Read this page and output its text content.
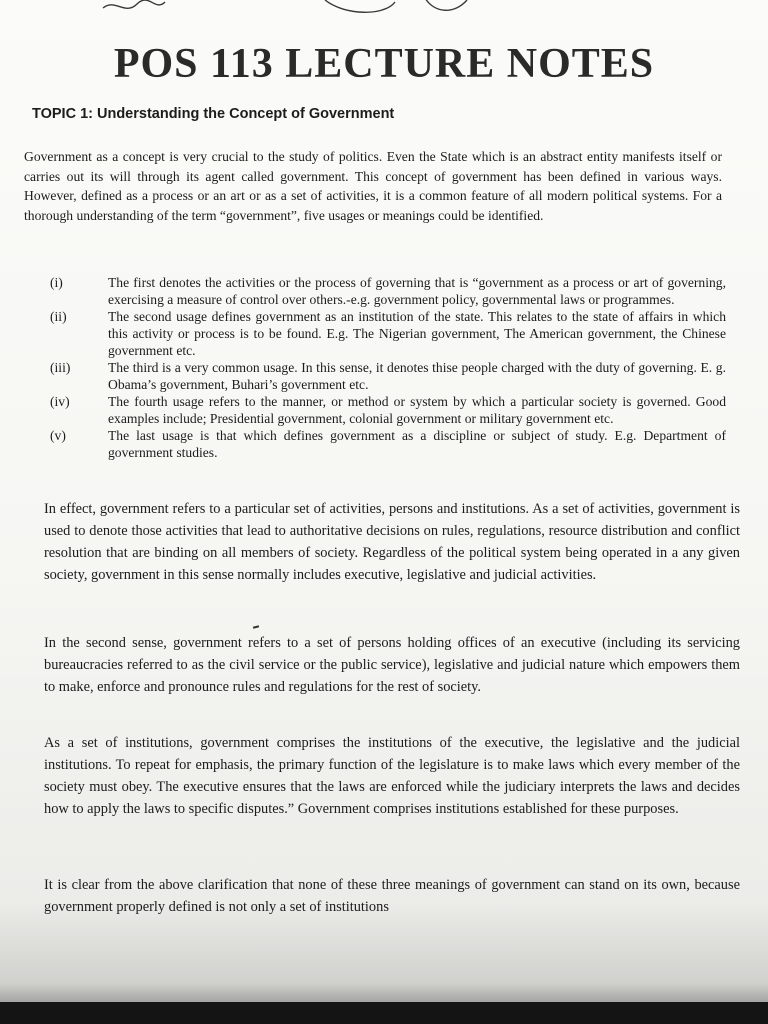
POS 113 LECTURE NOTES
TOPIC 1: Understanding the Concept of Government

Government as a concept is very crucial to the study of politics. Even the State which is an abstract entity manifests itself or carries out its will through its agent called government. This concept of government has been defined in various ways. However, defined as a process or an art or as a set of activities, it is a common feature of all modern political systems. For a thorough understanding of the term “government”, five usages or meanings could be identified.

(i)	The first denotes the activities or the process of governing that is “government as a process or art of governing, exercising a measure of control over others.-e.g. government policy, governmental laws or programmes.
(ii)	The second usage defines government as an institution of the state. This relates to the state of affairs in which this activity or process is to be found. E.g. The Nigerian government, The American government, the Chinese government etc.
(iii)	The third is a very common usage. In this sense, it denotes thise people charged with the duty of governing. E. g. Obama’s government, Buhari’s government etc.
(iv)	The fourth usage refers to the manner, or method or system by which a particular society is governed. Good examples include; Presidential government, colonial government or military government etc.
(v)	The last usage is that which defines government as a discipline or subject of study. E.g. Department of government studies.

In effect, government refers to a particular set of activities, persons and institutions. As a set of activities, government is used to denote those activities that lead to authoritative decisions on rules, regulations, resource distribution and conflict resolution that are binding on all members of society. Regardless of the political system being operated in a any given society, government in this sense normally includes executive, legislative and judicial activities.

In the second sense, government refers to a set of persons holding offices of an executive (including its servicing bureaucracies referred to as the civil service or the public service), legislative and judicial nature which empowers them to make, enforce and pronounce rules and regulations for the rest of society.

As a set of institutions, government comprises the institutions of the executive, the legislative and the judicial institutions. To repeat for emphasis, the primary function of the legislature is to make laws which every member of the society must obey. The executive ensures that the laws are enforced while the judiciary interprets the laws and decides how to apply the laws to specific disputes.” Government comprises institutions established for these purposes.

It is clear from the above clarification that none of these three meanings of government can stand on its own, because government properly defined is not only a set of institutions
